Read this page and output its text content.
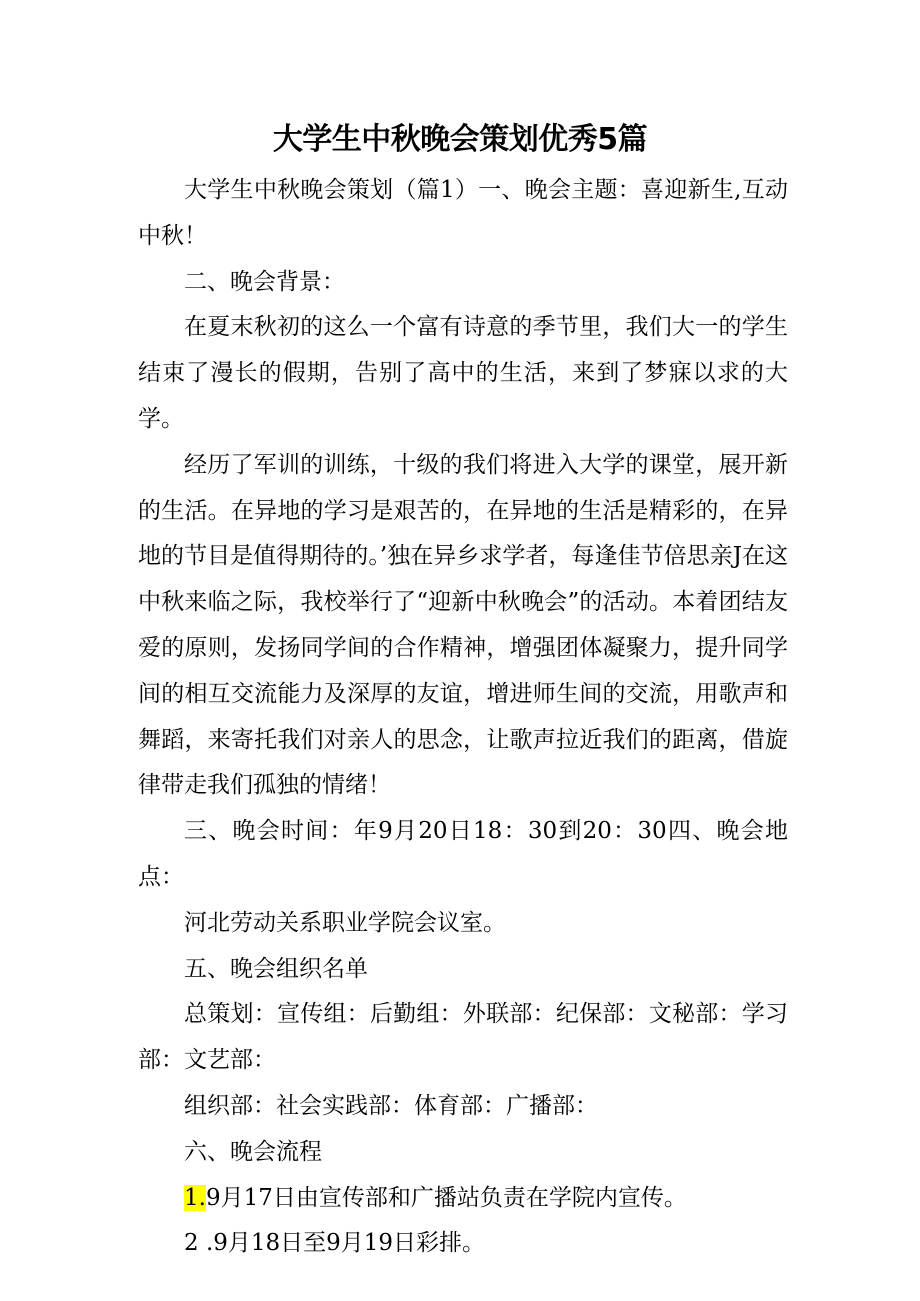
大学生中秋晚会策划优秀5篇

大学生中秋晚会策划（篇1）一、晚会主题：喜迎新生,互动中秋！

二、晚会背景：

在夏末秋初的这么一个富有诗意的季节里，我们大一的学生结束了漫长的假期，告别了高中的生活，来到了梦寐以求的大学。

经历了军训的训练，十级的我们将进入大学的课堂，展开新的生活。在异地的学习是艰苦的，在异地的生活是精彩的，在异地的节目是值得期待的。’独在异乡求学者，每逢佳节倍思亲J在这中秋来临之际，我校举行了“迎新中秋晚会”的活动。本着团结友爱的原则，发扬同学间的合作精神，增强团体凝聚力，提升同学间的相互交流能力及深厚的友谊，增进师生间的交流，用歌声和舞蹈，来寄托我们对亲人的思念，让歌声拉近我们的距离，借旋律带走我们孤独的情绪！

三、晚会时间：年9月20日18：30到20：30四、晚会地点：

河北劳动关系职业学院会议室。

五、晚会组织名单

总策划：宣传组：后勤组：外联部：纪保部：文秘部：学习部：文艺部：

组织部：社会实践部：体育部：广播部：

六、晚会流程

1.9月17日由宣传部和广播站负责在学院内宣传。

2 .9月18日至9月19日彩排。
